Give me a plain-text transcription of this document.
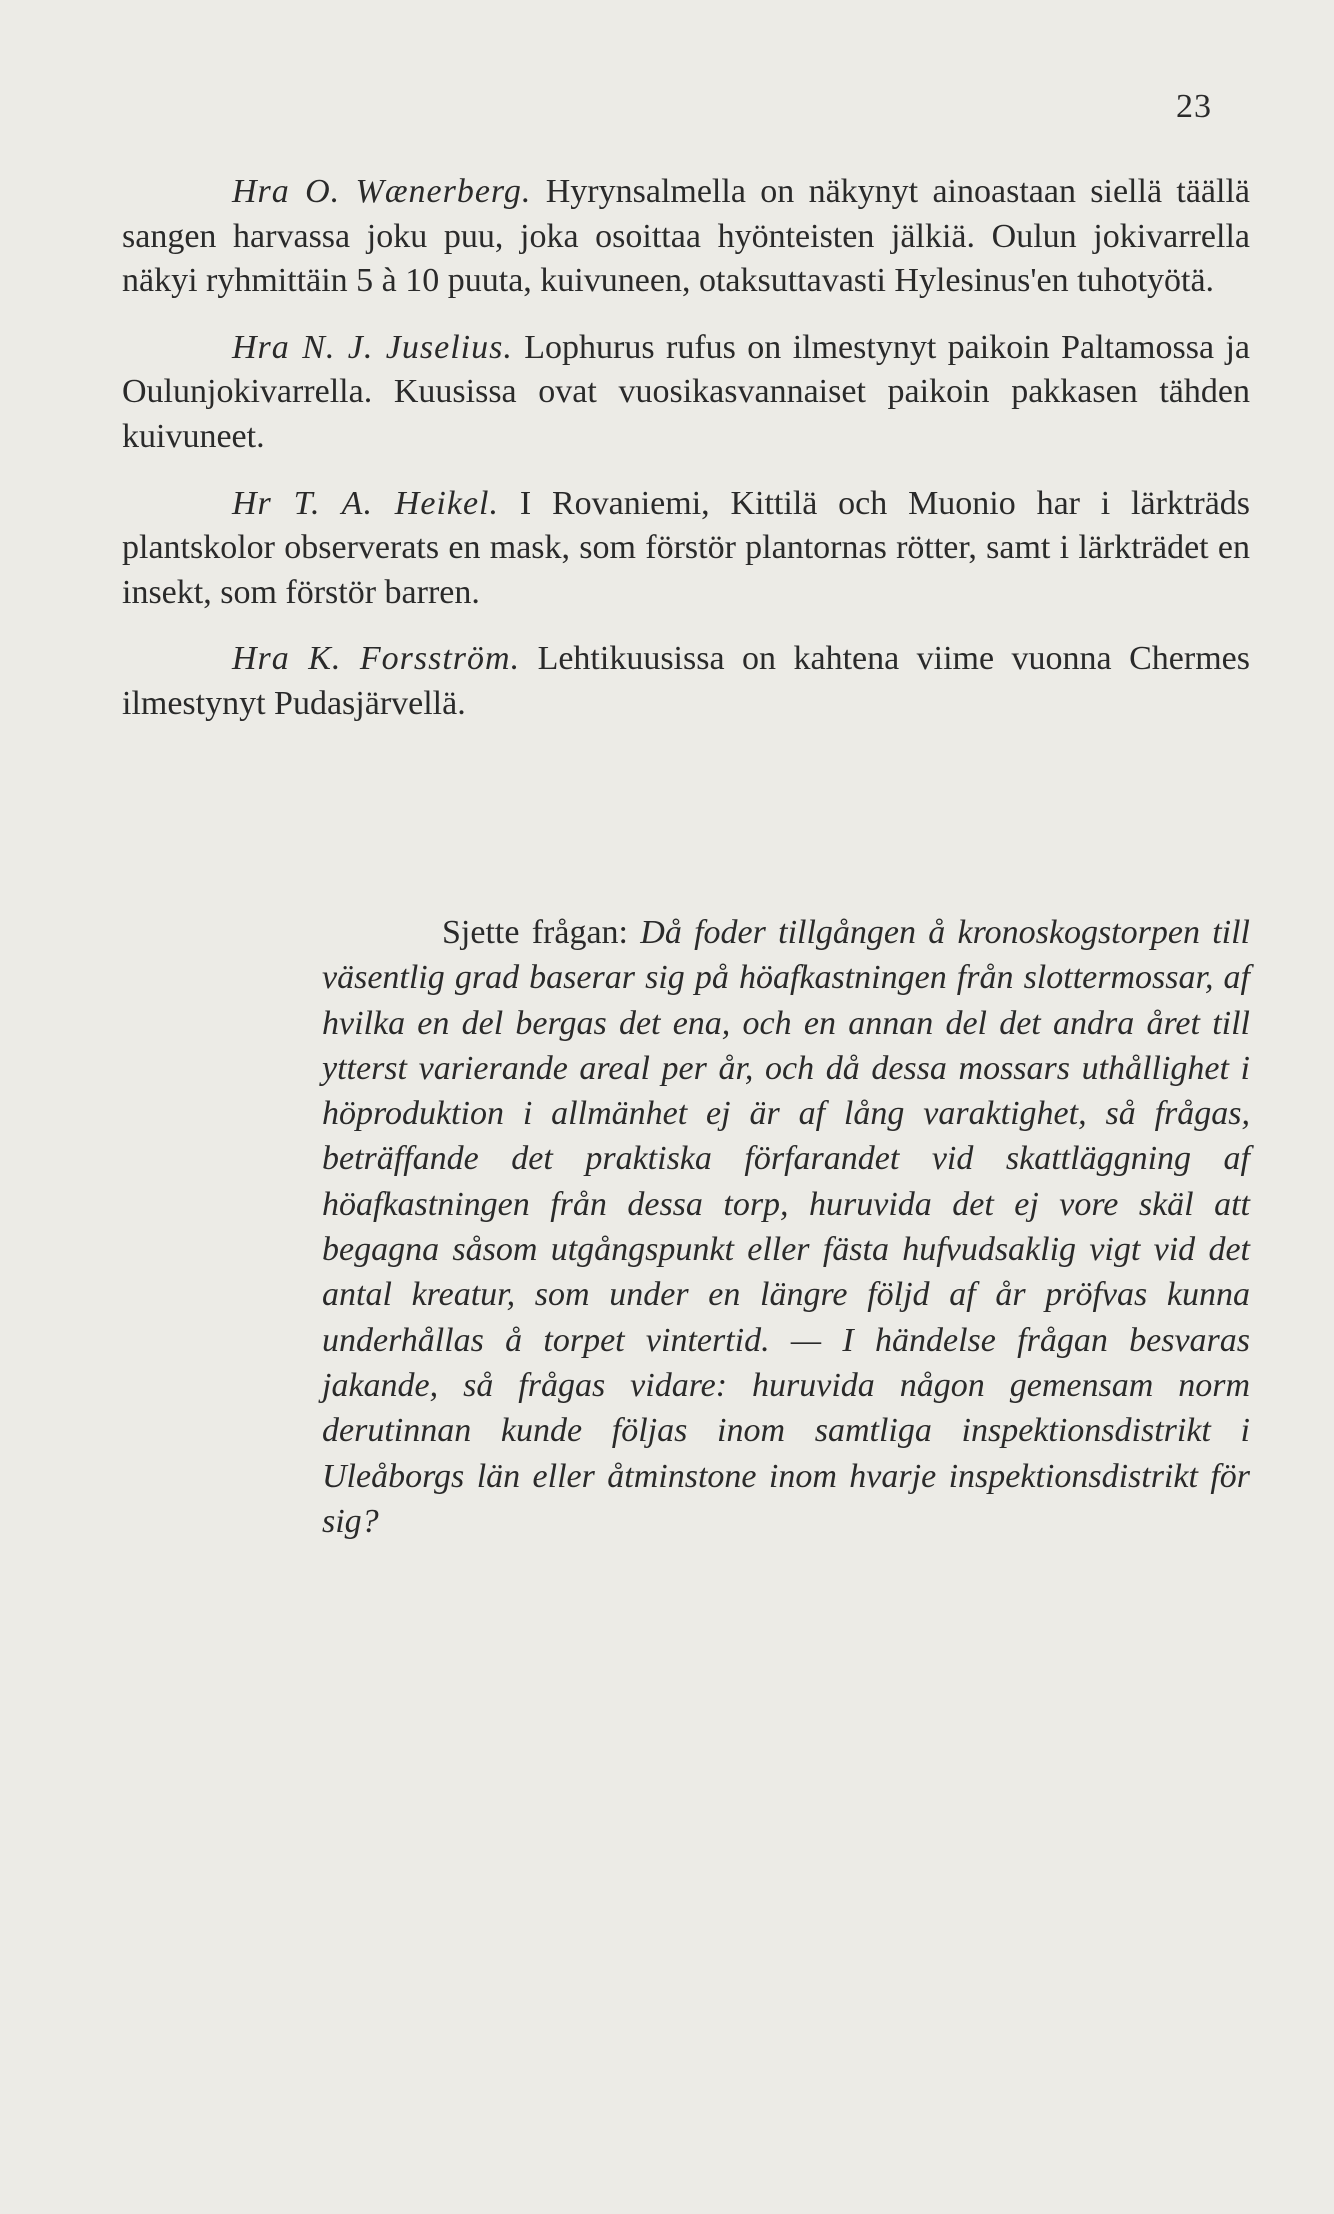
23

Hra O. Wænerberg. Hyrynsalmella on näkynyt ainoastaan siellä täällä sangen harvassa joku puu, joka osoittaa hyönteisten jälkiä. Oulun jokivarrella näkyi ryhmittäin 5 à 10 puuta, kuivuneen, otaksuttavasti Hylesinus'en tuhotyötä.

Hra N. J. Juselius. Lophurus rufus on ilmestynyt paikoin Paltamossa ja Oulunjokivarrella. Kuusissa ovat vuosikasvannaiset paikoin pakkasen tähden kuivuneet.

Hr T. A. Heikel. I Rovaniemi, Kittilä och Muonio har i lärkträds plantskolor observerats en mask, som förstör plantornas rötter, samt i lärkträdet en insekt, som förstör barren.

Hra K. Forsström. Lehtikuusissa on kahtena viime vuonna Chermes ilmestynyt Pudasjärvellä.

Sjette frågan: Då foder tillgången å kronoskogstorpen till väsentlig grad baserar sig på höafkastningen från slottermossar, af hvilka en del bergas det ena, och en annan del det andra året till ytterst varierande areal per år, och då dessa mossars uthållighet i höproduktion i allmänhet ej är af lång varaktighet, så frågas, beträffande det praktiska förfarandet vid skattläggning af höafkastningen från dessa torp, huruvida det ej vore skäl att begagna såsom utgångspunkt eller fästa hufvudsaklig vigt vid det antal kreatur, som under en längre följd af år pröfvas kunna underhållas å torpet vintertid. — I händelse frågan besvaras jakande, så frågas vidare: huruvida någon gemensam norm derutinnan kunde följas inom samtliga inspektionsdistrikt i Uleåborgs län eller åtminstone inom hvarje inspektionsdistrikt för sig?
